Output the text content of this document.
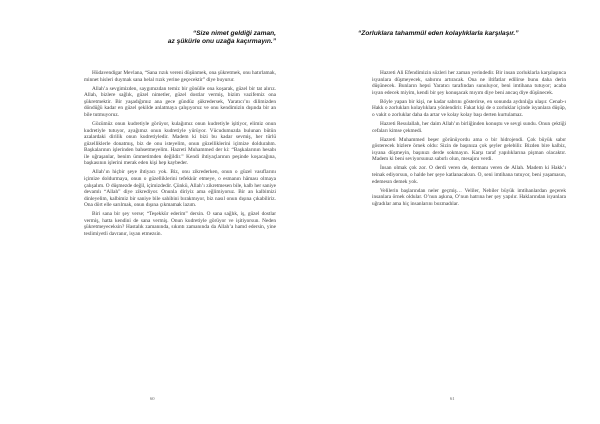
“Size nimet geldiği zaman,
az şükürle onu uzağa kaçırmayın.”

Hüdavendigar Mevlana, “Sana rızık vereni düşünmek, ona şükretmek, onu hatırlamak, minnet hisleri duymak sana helal rızık yerine geçecektir” diye buyurur.

Allah’a sevgimizden, saygımızdan temiz bir gönülle ona koşarak, güzel bir tat alırız. Allah, bizlere sağlık, güzel nimetler, güzel dostlar vermiş, bizim vazifemiz ona şükretmektir. Bir yaşadığımız ana gece gündüz şükredersek, Yaratıcı’nı dilimizden döndüğü kadar en güzel şekilde anlatmaya çalışıyoruz ve onu kendimizin dışında bir an bile tutmuyoruz.

Gözümüz onun kudretiyle görüyor, kulağımız onun kudretiyle işitiyor, elimiz onun kudretiyle tutuyor, ayağımız onun kudretiyle yürüyor. Vücudumuzda bulunan bütün azalardaki dirilik onun kudretiyledir. Madem ki bizi bu kadar sevmiş, her türlü güzelliklerle donatmış, biz de onu isteyelim, onun güzelliklerini içimize doldurahm. Başkalarının işlerinden bahsetmeyelim. Hazreti Muhammed der ki: “Başkalarının hesabı ile uğraşanlar, benim ümmetimden değildir.” Kendi ihtiyaçlarının peşinde koşacağına, başkasının işlerini merak eden kişi hep kaybeder.

Allah’ın hiçbir şeye ihtiyacı yok. Biz, onu zikrederken, onun o güzel vasıflarını içimize doldurmaya, onun o güzelliklerini tefekkür etmeye, o esmanın hâması olmaya çalışalım. O düşmezde değil, içimizdedir. Çünkü, Allah’ı zikretmesen bile, kalb her saniye devamlı “Allah” diye zikrediyor. Onunla diriyiz ama eğlimiyoruz. Bir an kalbimizi dinleyelim, kalbimiz bir saniye bile sahibini bırakmıyor, biz nasıl onun dışına çıkabiliriz. Ona dört elle sarılmak, onun dışına çıkmamak lazım.

Biri sana bir şey verse; “Teşekkür ederim” dersin. O sana sağlık, iş, güzel dostlar vermiş, hatta kendini de sana vermiş. Onun kudretiyle görüyor ve işitiyorsun. Neden şükretmeyeceksin? Hastalık zamanında, sıkıntı zamanında da Allah’a hamd edersin, yine teslimiyetli davranır, isyan etmezsin.

60
“Zorluklara tahammül eden kolaylıklarla karşılaşır.”

Hazreti Ali Efendimizin sözleri her zaman yerindedir. Bir insan zorluklarla karşılaşınca isyanlara düşmeyecek, sabırını artıracak. Ona ne iltifatlar edilirse bunu daha derin düşünecek. Bunların hepsi Yaratıcı tarafından sunuluyor, beni imtihana tutuyor; acaba isyan edecek miyim, kendi bir şey konuşacak mıyım diye beni ancaq diye düşünecek.

Böyle yapan bir kişi, ne kadar sabrını gösterirse, en sonunda aydınlığa ulaşır. Cenab-ı Hakk o zorlukları kolaylıklara yönlendirir. Fakat kişi de o zorluklar içinde isyanlara düşüp, o vakit o zorluklar daha da artar ve kolay kolay başı derten kurtulamaz.

Hazreti Resulallah, her daim Allah’ın birliğinden konuştu ve sevgi sundu. Onun çektiği cefaları kimse çekmedi.

Hazreti Muhammed beşer görünüyordu ama o bir hidrojendi. Çok büyük sabır gösterecek bizlere örnek oldu: Sizin de başınıza çok şeyler gelebilir. Bizden bire kalbiz, isyana düşmeyin, başınızı derde sokmayın. Karşı taraf yapılıklarına pişman olacaktır. Madem ki beni seviyorsunuz sabırlı olun, mesajını verdi.

İnsan olmak çok zor. O derdi veren de, dermanı veren de Allah. Madem ki Hakk’ı teinak ediyorsun, o halde her şeye katlanacaksın. O, seni imtihana tutuyor, beni yaşamasın, edemesın demek yok.

Velilerin başlarından neler geçmiş… Veliler, Nebiler büyük imtihanlardan geçerek insanlara örnek oldular. O’nun aşkına, O’nun hatrına her şey yapılır. Haklarından isyanlara uğradılar ama hiç insanlarını bozmadılar.

61
